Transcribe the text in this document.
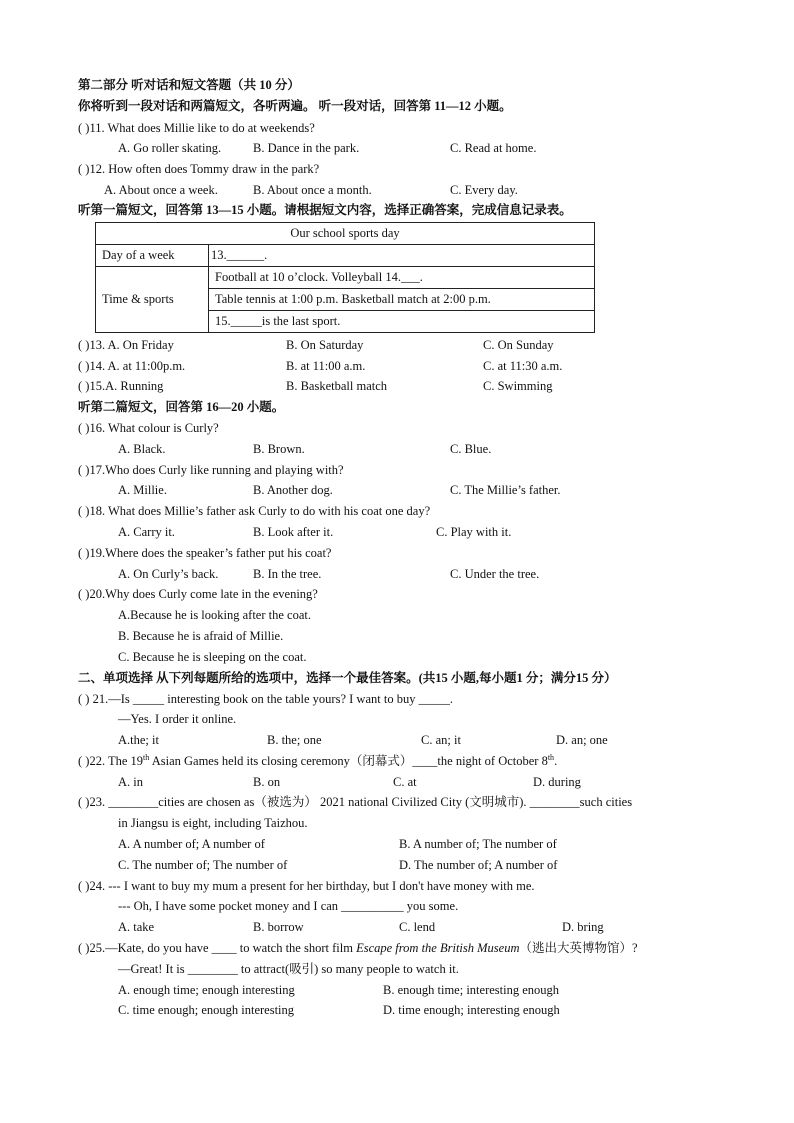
第二部分 听对话和短文答题（共 10 分）
你将听到一段对话和两篇短文，各听两遍。 听一段对话，回答第 11—12 小题。
( )11. What does Millie like to do at weekends?
A. Go roller skating.	B. Dance in the park.	C. Read at home.
( )12. How often does Tommy draw in the park?
A. About once a week.	B. About once a month.	C. Every day.
听第一篇短文，回答第 13—15 小题。请根据短文内容，选择正确答案，完成信息记录表。
Our school sports day	
Day of a week	13.______.
Time & sports	Football at 10 o’clock. Volleyball 14.___.
	Table tennis at 1:00 p.m. Basketball match at 2:00 p.m.
	15._____is the last sport.
( )13. A. On Friday	B. On Saturday	C. On Sunday
( )14. A. at 11:00p.m.	B. at 11:00 a.m.	C. at 11:30 a.m.
( )15.A. Running	B. Basketball match	C. Swimming
听第二篇短文，回答第 16—20 小题。
( )16. What colour is Curly?
A. Black.	B. Brown.	C. Blue.
( )17.Who does Curly like running and playing with?
A. Millie.	B. Another dog.	C. The Millie’s father.
( )18. What does Millie’s father ask Curly to do with his coat one day?
A. Carry it.	B. Look after it.	C. Play with it.
( )19.Where does the speaker’s father put his coat?
A. On Curly’s back.	B. In the tree.	C. Under the tree.
( )20.Why does Curly come late in the evening?
A.Because he is looking after the coat.
B. Because he is afraid of Millie.
C. Because he is sleeping on the coat.
二、单项选择 从下列每题所给的选项中，选择一个最佳答案。(共15 小题,每小题1 分；满分15 分）
( ) 21.—Is _____ interesting book on the table yours? I want to buy _____.
—Yes. I order it online.
A.the; it	B. the; one	C. an; it	D. an; one
( )22. The 19th Asian Games held its closing ceremony（闭幕式）____the night of October 8th.
A. in	B. on	C. at	D. during
( )23. ________cities are chosen as（被选为） 2021 national Civilized City (文明城市). ________such cities
in Jiangsu is eight, including Taizhou.
A. A number of; A number of	B. A number of; The number of
C. The number of; The number of	D. The number of; A number of
( )24. --- I want to buy my mum a present for her birthday, but I don't have money with me.
--- Oh, I have some pocket money and I can __________ you some.
A. take	B. borrow	C. lend	D. bring
( )25.—Kate, do you have ____ to watch the short film Escape from the British Museum（逃出大英博物馆）?
—Great! It is ________ to attract(吸引) so many people to watch it.
A. enough time; enough interesting	B. enough time; interesting enough
C. time enough; enough interesting	D. time enough; interesting enough
